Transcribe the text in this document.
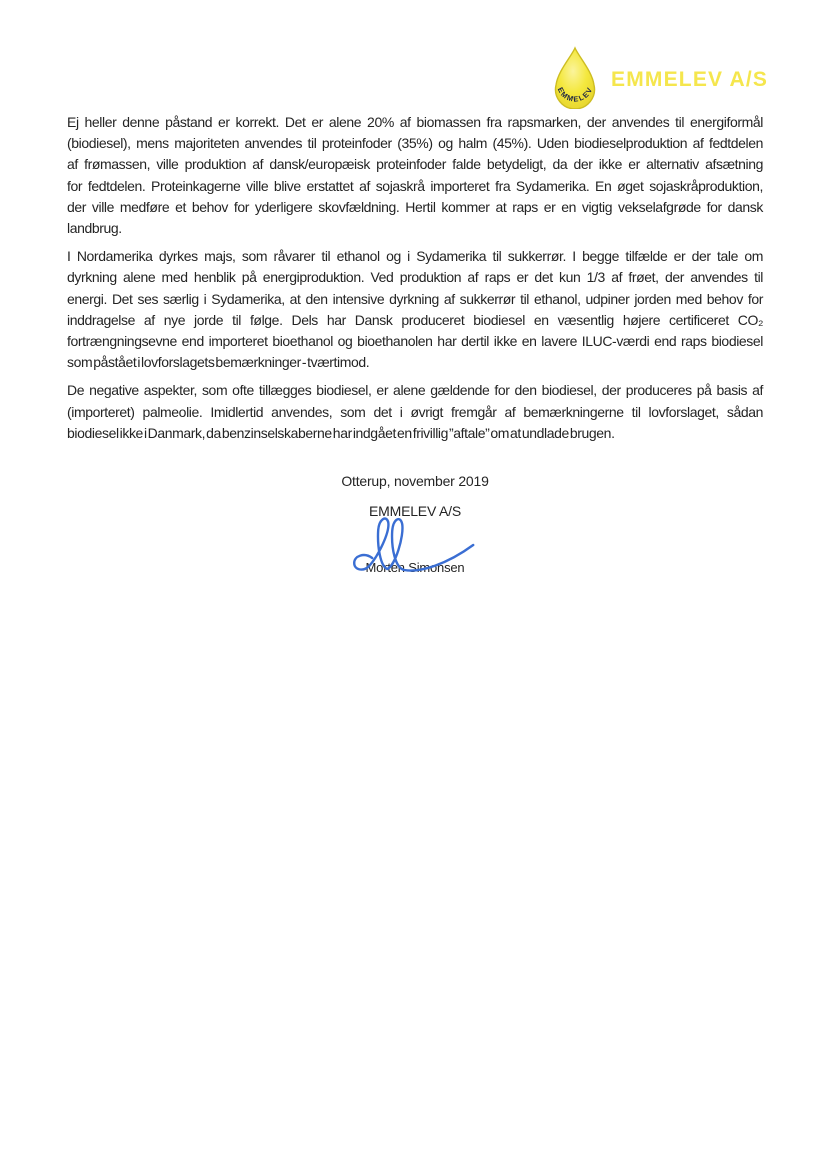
EMMELEV EMMELEV A/S
Ej heller denne påstand er korrekt. Det er alene 20% af biomassen fra rapsmarken, der anvendes til energiformål
(biodiesel), mens majoriteten anvendes til proteinfoder (35%) og halm (45%). Uden biodieselproduktion af fedtdelen
af frømassen, ville produktion af dansk/europæisk proteinfoder falde betydeligt, da der ikke er alternativ afsætning
for fedtdelen. Proteinkagerne ville blive erstattet af sojaskrå importeret fra Sydamerika. En øget sojaskråproduktion,
der ville medføre et behov for yderligere skovfældning. Hertil kommer at raps er en vigtig vekselafgrøde for dansk
landbrug.
I Nordamerika dyrkes majs, som råvarer til ethanol og i Sydamerika til sukkerrør. I begge tilfælde er der tale om
dyrkning alene med henblik på energiproduktion. Ved produktion af raps er det kun 1/3 af frøet, der anvendes til
energi. Det ses særlig i Sydamerika, at den intensive dyrkning af sukkerrør til ethanol, udpiner jorden med behov for
inddragelse af nye jorde til følge. Dels har Dansk produceret biodiesel en væsentlig højere certificeret CO₂
fortrængningsevne end importeret bioethanol og bioethanolen har dertil ikke en lavere ILUC-værdi end raps biodiesel
som påstået i lovforslagets bemærkninger - tværtimod.
De negative aspekter, som ofte tillægges biodiesel, er alene gældende for den biodiesel, der produceres på basis af
(importeret) palmeolie. Imidlertid anvendes, som det i øvrigt fremgår af bemærkningerne til lovforslaget, sådan
biodiesel ikke i Danmark, da benzinselskaberne har indgået en frivillig ”aftale” om at undlade brugen.
Otterup, november 2019
EMMELEV A/S
Morten Simonsen
